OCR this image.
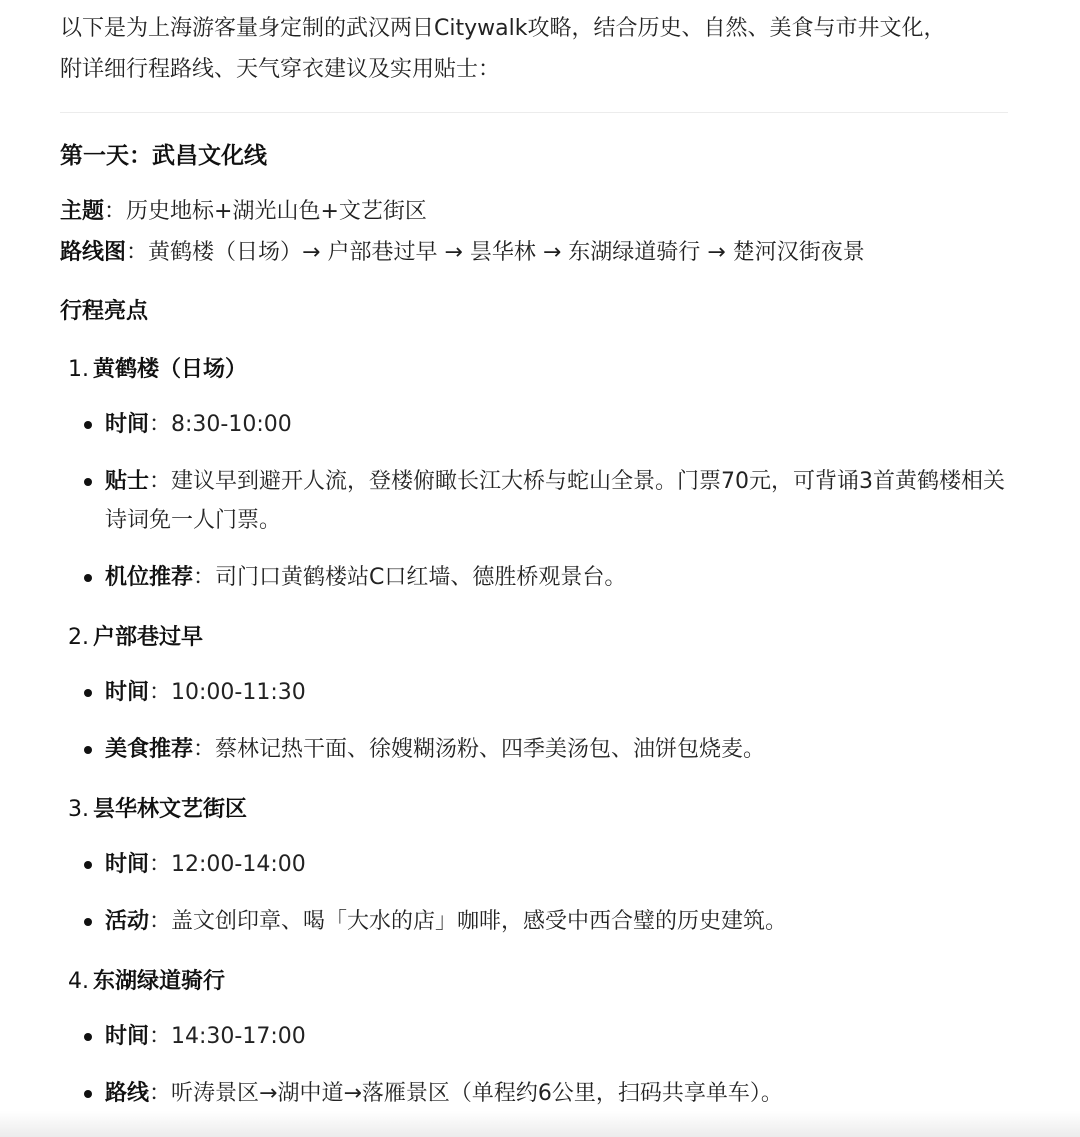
以下是为上海游客量身定制的武汉两日Citywalk攻略，结合历史、自然、美食与市井文化，
附详细行程路线、天气穿衣建议及实用贴士：

第一天：武昌文化线
主题：历史地标+湖光山色+文艺街区
路线图：黄鹤楼（日场）→ 户部巷过早 → 昙华林 → 东湖绿道骑行 → 楚河汉街夜景
行程亮点
1. 黄鹤楼（日场）
时间：8:30-10:00
贴士：建议早到避开人流，登楼俯瞰长江大桥与蛇山全景。门票70元，可背诵3首黄鹤楼相关诗词免一人门票。
机位推荐：司门口黄鹤楼站C口红墙、德胜桥观景台。
2. 户部巷过早
时间：10:00-11:30
美食推荐：蔡林记热干面、徐嫂糊汤粉、四季美汤包、油饼包烧麦。
3. 昙华林文艺街区
时间：12:00-14:00
活动：盖文创印章、喝「大水的店」咖啡，感受中西合璧的历史建筑。
4. 东湖绿道骑行
时间：14:30-17:00
路线：听涛景区→湖中道→落雁景区（单程约6公里，扫码共享单车）。
